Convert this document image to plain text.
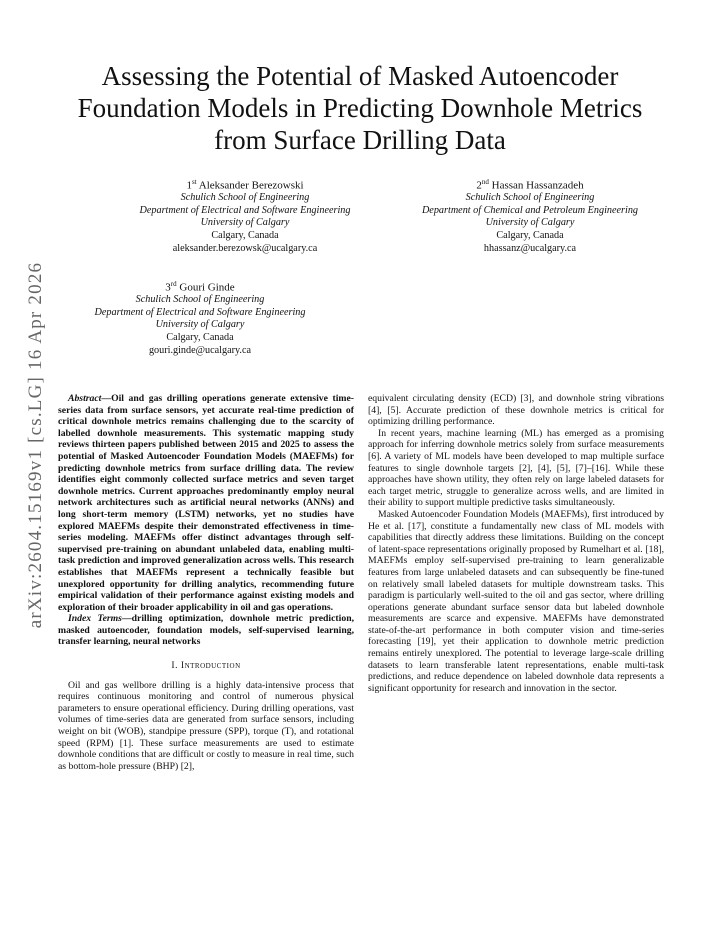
Assessing the Potential of Masked Autoencoder
Foundation Models in Predicting Downhole Metrics
from Surface Drilling Data
1st Aleksander Berezowski
Schulich School of Engineering
Department of Electrical and Software Engineering
University of Calgary
Calgary, Canada
aleksander.berezowsk@ucalgary.ca
2nd Hassan Hassanzadeh
Schulich School of Engineering
Department of Chemical and Petroleum Engineering
University of Calgary
Calgary, Canada
hhassanz@ucalgary.ca
3rd Gouri Ginde
Schulich School of Engineering
Department of Electrical and Software Engineering
University of Calgary
Calgary, Canada
gouri.ginde@ucalgary.ca
arXiv:2604.15169v1 [cs.LG] 16 Apr 2026	Abstract—Oil and gas drilling operations generate extensive time-series data from surface sensors, yet accurate real-time prediction of critical downhole metrics remains challenging due to the scarcity of labelled downhole measurements. This systematic mapping study reviews thirteen papers published between 2015 and 2025 to assess the potential of Masked Autoencoder Foundation Models (MAEFMs) for predicting downhole metrics from surface drilling data. The review identifies eight commonly collected surface metrics and seven target downhole metrics. Current approaches predominantly employ neural network architectures such as artificial neural networks (ANNs) and long short-term memory (LSTM) networks, yet no studies have explored MAEFMs despite their demonstrated effectiveness in time-series modeling. MAEFMs offer distinct advantages through self-supervised pre-training on abundant unlabeled data, enabling multi-task prediction and improved generalization across wells. This research establishes that MAEFMs represent a technically feasible but unexplored opportunity for drilling analytics, recommending future empirical validation of their performance against existing models and exploration of their broader applicability in oil and gas operations.

Index Terms—drilling optimization, downhole metric prediction, masked autoencoder, foundation models, self-supervised learning, transfer learning, neural networks

I. Introduction

Oil and gas wellbore drilling is a highly data-intensive process that requires continuous monitoring and control of numerous physical parameters to ensure operational efficiency. During drilling operations, vast volumes of time-series data are generated from surface sensors, including weight on bit (WOB), standpipe pressure (SPP), torque (T), and rotational speed (RPM) [1]. These surface measurements are used to estimate downhole conditions that are difficult or costly to measure in real time, such as bottom-hole pressure (BHP) [2],

equivalent circulating density (ECD) [3], and downhole string vibrations [4], [5]. Accurate prediction of these downhole metrics is critical for optimizing drilling performance.

In recent years, machine learning (ML) has emerged as a promising approach for inferring downhole metrics solely from surface measurements [6]. A variety of ML models have been developed to map multiple surface features to single downhole targets [2], [4], [5], [7]–[16]. While these approaches have shown utility, they often rely on large labeled datasets for each target metric, struggle to generalize across wells, and are limited in their ability to support multiple predictive tasks simultaneously.

Masked Autoencoder Foundation Models (MAEFMs), first introduced by He et al. [17], constitute a fundamentally new class of ML models with capabilities that directly address these limitations. Building on the concept of latent-space representations originally proposed by Rumelhart et al. [18], MAEFMs employ self-supervised pre-training to learn generalizable features from large unlabeled datasets and can subsequently be fine-tuned on relatively small labeled datasets for multiple downstream tasks. This paradigm is particularly well-suited to the oil and gas sector, where drilling operations generate abundant surface sensor data but labeled downhole measurements are scarce and expensive. MAEFMs have demonstrated state-of-the-art performance in both computer vision and time-series forecasting [19], yet their application to downhole metric prediction remains entirely unexplored. The potential to leverage large-scale drilling datasets to learn transferable latent representations, enable multi-task predictions, and reduce dependence on labeled downhole data represents a significant opportunity for research and innovation in the sector.
